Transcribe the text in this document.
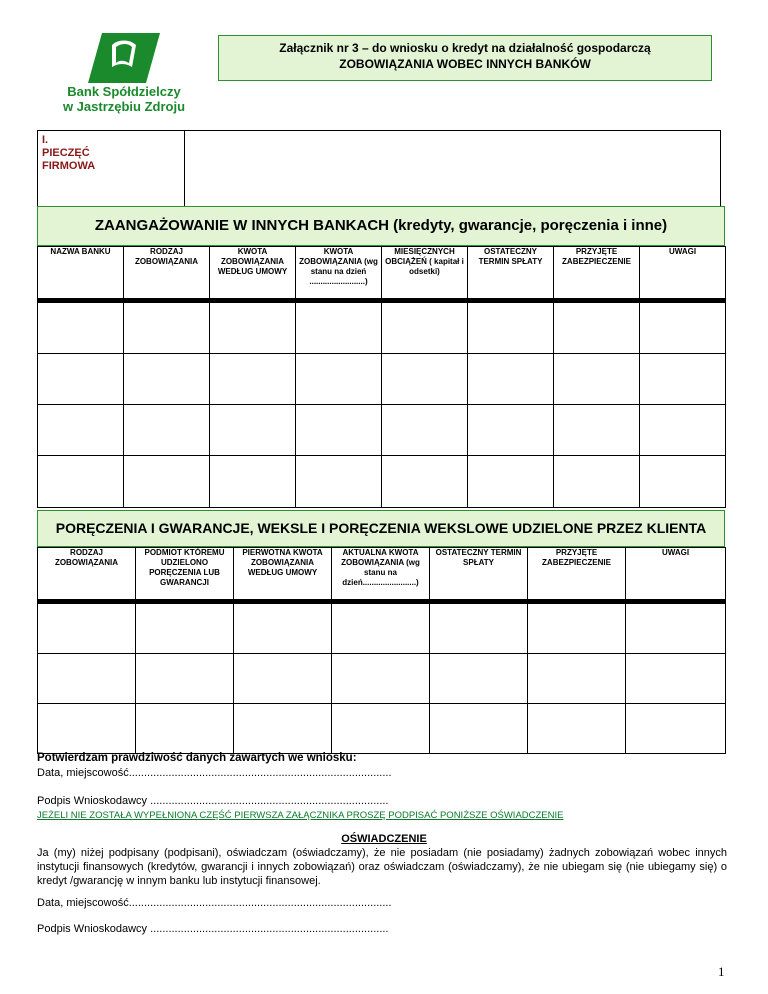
Bank Spółdzielczy
w Jastrzębiu Zdroju
Załącznik nr 3 – do wniosku o kredyt na działalność gospodarczą
ZOBOWIĄZANIA WOBEC INNYCH BANKÓW
I.
PIECZĘĆ
FIRMOWA
ZAANGAŻOWANIE W INNYCH BANKACH (kredyty, gwarancje, poręczenia i inne)
NAZWA BANKU	RODZAJ ZOBOWIĄZANIA	KWOTA ZOBOWIĄZANIA WEDŁUG UMOWY	KWOTA ZOBOWIĄZANIA (wg stanu na dzień .........................)	MIESIĘCZNYCH OBCIĄŻEŃ ( kapitał i odsetki)	OSTATECZNY TERMIN SPŁATY	PRZYJĘTE ZABEZPIECZENIE	UWAGI

PORĘCZENIA I GWARANCJE, WEKSLE I PORĘCZENIA WEKSLOWE UDZIELONE PRZEZ KLIENTA
RODZAJ ZOBOWIĄZANIA	PODMIOT KTÓREMU UDZIELONO PORĘCZENIA LUB GWARANCJI	PIERWOTNA KWOTA ZOBOWIĄZANIA WEDŁUG UMOWY	AKTUALNA KWOTA ZOBOWIĄZANIA (wg stanu na dzień........................)	OSTATECZNY TERMIN SPŁATY	PRZYJĘTE ZABEZPIECZENIE	UWAGI

Potwierdzam prawdziwość danych zawartych we wniosku:
Data, miejscowość......................................................................................
Podpis Wnioskodawcy ..............................................................................
JEŻELI NIE ZOSTAŁA WYPEŁNIONA CZĘŚĆ PIERWSZA ZAŁĄCZNIKA PROSZĘ PODPISAĆ PONIŻSZE OŚWIADCZENIE
OŚWIADCZENIE
Ja (my) niżej podpisany (podpisani), oświadczam (oświadczamy), że nie posiadam (nie posiadamy) żadnych zobowiązań wobec innych instytucji finansowych (kredytów, gwarancji i innych zobowiązań) oraz oświadczam (oświadczamy), że nie ubiegam się (nie ubiegamy się) o kredyt /gwarancję w innym banku lub instytucji finansowej.
Data, miejscowość......................................................................................
Podpis Wnioskodawcy ..............................................................................
1
